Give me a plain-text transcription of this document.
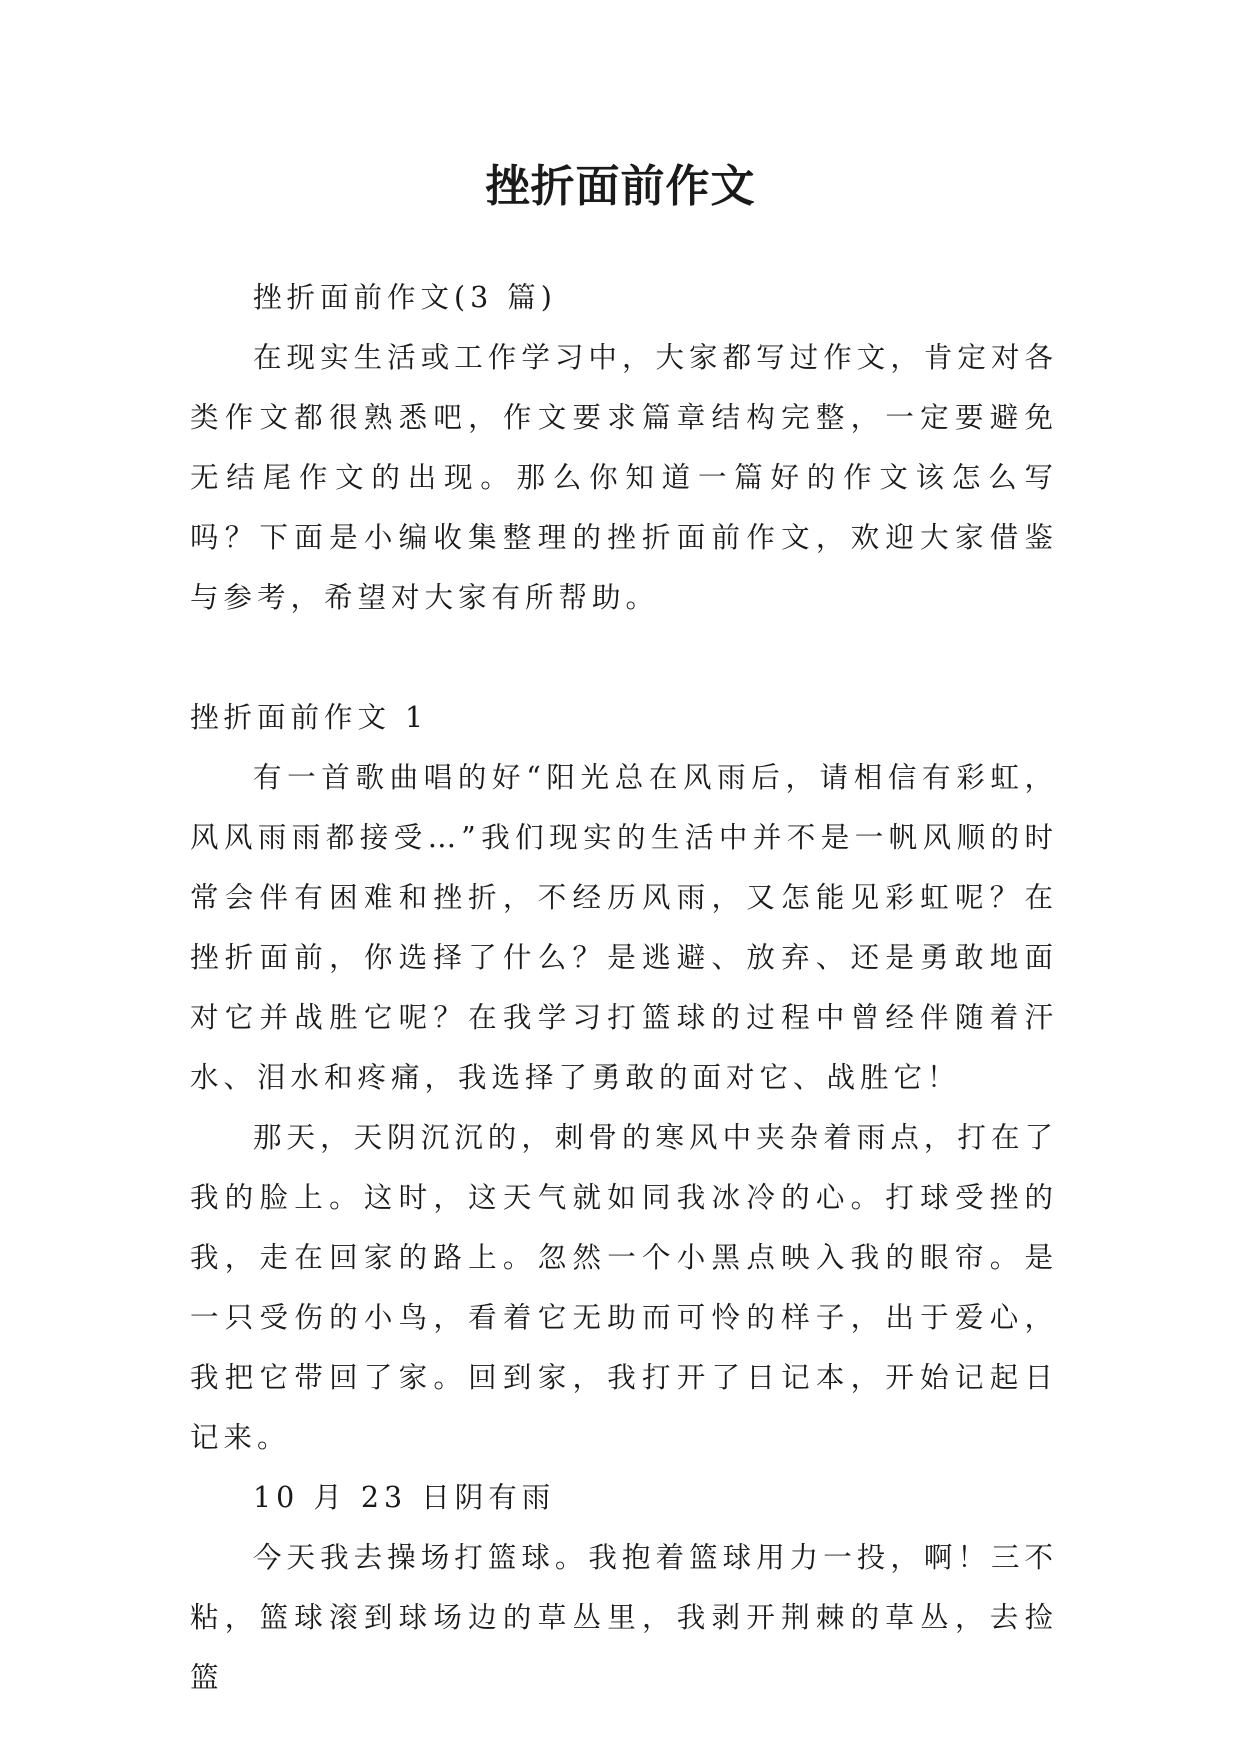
挫折面前作文

挫折面前作文(3 篇)

在现实生活或工作学习中，大家都写过作文，肯定对各类作文都很熟悉吧，作文要求篇章结构完整，一定要避免无结尾作文的出现。那么你知道一篇好的作文该怎么写吗？下面是小编收集整理的挫折面前作文，欢迎大家借鉴与参考，希望对大家有所帮助。

挫折面前作文 1

有一首歌曲唱的好“阳光总在风雨后，请相信有彩虹，风风雨雨都接受…”我们现实的生活中并不是一帆风顺的时常会伴有困难和挫折，不经历风雨，又怎能见彩虹呢？在挫折面前，你选择了什么？是逃避、放弃、还是勇敢地面对它并战胜它呢？在我学习打篮球的过程中曾经伴随着汗水、泪水和疼痛，我选择了勇敢的面对它、战胜它！

那天，天阴沉沉的，刺骨的寒风中夹杂着雨点，打在了我的脸上。这时，这天气就如同我冰冷的心。打球受挫的我，走在回家的路上。忽然一个小黑点映入我的眼帘。是一只受伤的小鸟，看着它无助而可怜的样子，出于爱心，我把它带回了家。回到家，我打开了日记本，开始记起日记来。

10 月 23 日阴有雨

今天我去操场打篮球。我抱着篮球用力一投，啊！三不粘，篮球滚到球场边的草丛里，我剥开荆棘的草丛，去捡篮
